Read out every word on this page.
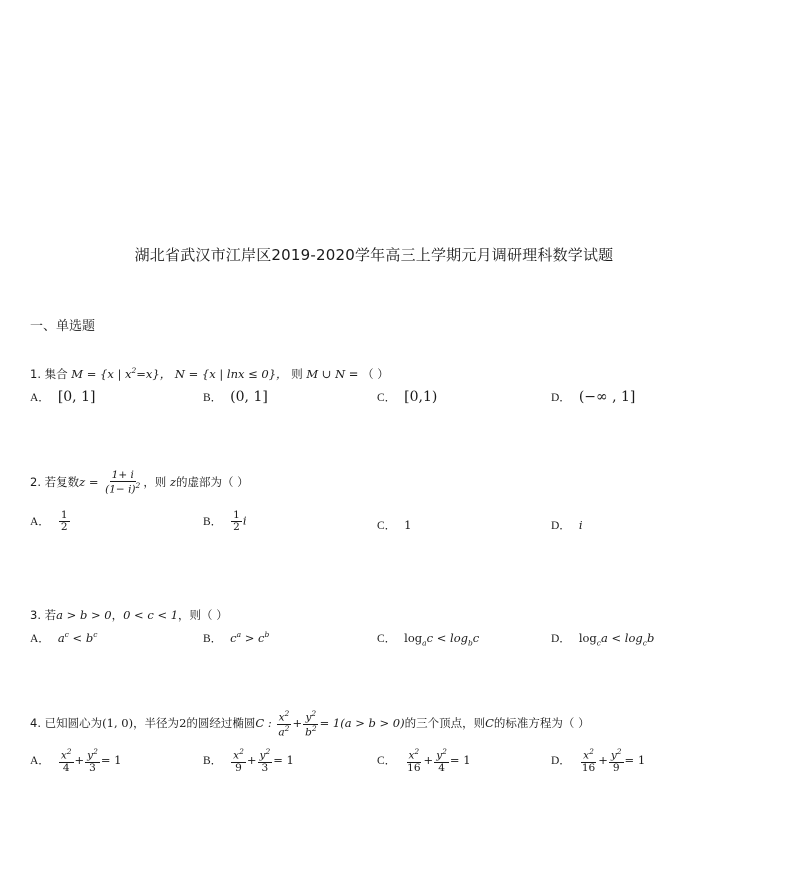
湖北省武汉市江岸区2019-2020学年高三上学期元月调研理科数学试题
一、单选题
1. 集合 M = {x | $x^2=x$}， N = {x | lnx ≤ 0}， 则 M ∪ N = （ ）
A． [0, 1]	B． (0, 1]	C． [0,1)	D． (−∞ , 1]
2. 若复数$z = \frac{1+ i}{(1- i)^2}$ ，则 z的虚部为（ ）
A． $\frac{1}{2}$	B． $\frac{1}{2}$ i	C． 1	D． i
3. 若a > b > 0，0 < c < 1，则（ ）
A． $a^c < b^c$	B． $c^a > c^b$	C． $\log_ac < \log_bc$	D． $\log_ca < \log_cb$
4. 已知圆心为(1, 0)，半径为2的圆经过椭圆C : $\frac{x^2}{a^2} + \frac{y^2}{b^2} = 1(a > b > 0)$的三个顶点，则C的标准方程为（ ）
A． $\frac{x^2}{4} + \frac{y^2}{3} = 1$	B． $\frac{x^2}{9} + \frac{y^2}{3} = 1$	C． $\frac{x^2}{16} + \frac{y^2}{4} = 1$	D． $\frac{x^2}{16} + \frac{y^2}{9} = 1$
